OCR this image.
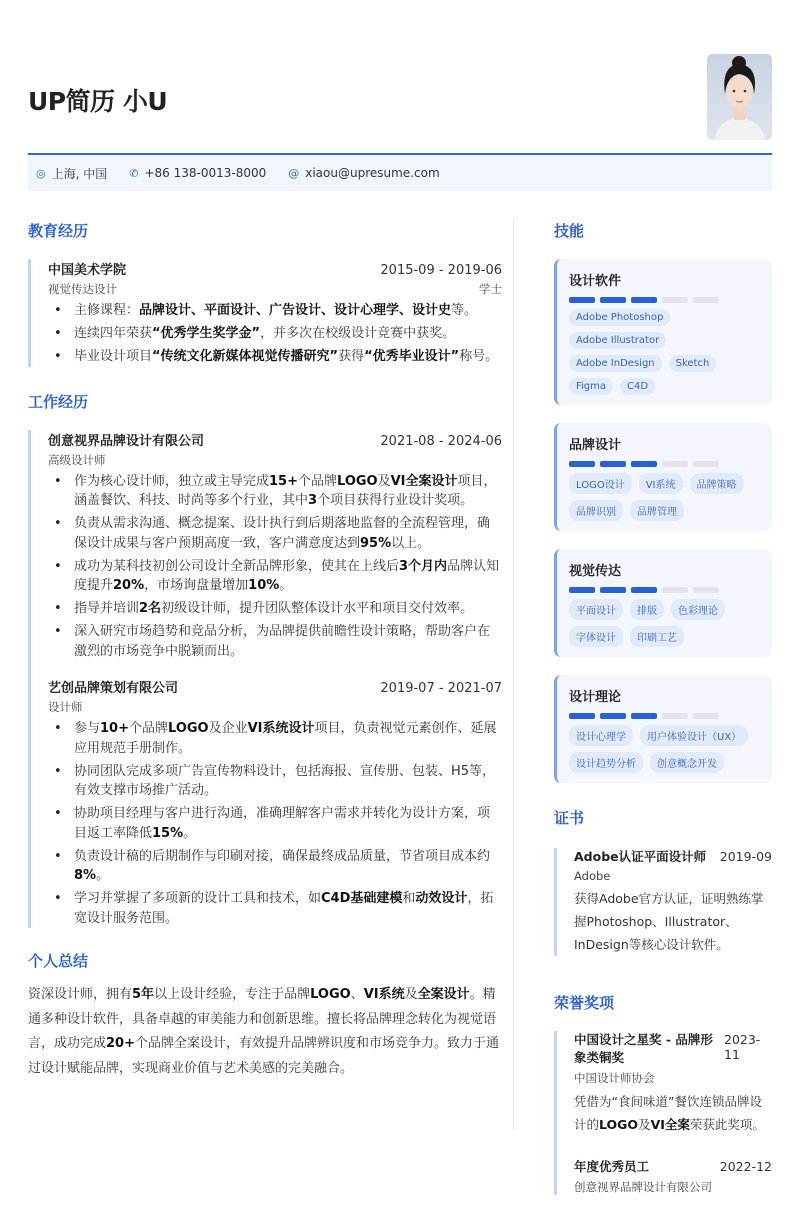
UP简历 小U
◎ 上海, 中国 ✆ +86 138-0013-8000 @ xiaou@upresume.com
教育经历
中国美术学院	2015-09 - 2019-06
视觉传达设计	学士
• 主修课程：品牌设计、平面设计、广告设计、设计心理学、设计史等。
• 连续四年荣获“优秀学生奖学金”，并多次在校级设计竞赛中获奖。
• 毕业设计项目“传统文化新媒体视觉传播研究”获得“优秀毕业设计”称号。
工作经历
创意视界品牌设计有限公司	2021-08 - 2024-06
高级设计师
• 作为核心设计师，独立或主导完成15+个品牌LOGO及VI全案设计项目，涵盖餐饮、科技、时尚等多个行业，其中3个项目获得行业设计奖项。
• 负责从需求沟通、概念提案、设计执行到后期落地监督的全流程管理，确保设计成果与客户预期高度一致，客户满意度达到95%以上。
• 成功为某科技初创公司设计全新品牌形象，使其在上线后3个月内品牌认知度提升20%，市场询盘量增加10%。
• 指导并培训2名初级设计师，提升团队整体设计水平和项目交付效率。
• 深入研究市场趋势和竞品分析，为品牌提供前瞻性设计策略，帮助客户在激烈的市场竞争中脱颖而出。
艺创品牌策划有限公司	2019-07 - 2021-07
设计师
• 参与10+个品牌LOGO及企业VI系统设计项目，负责视觉元素创作、延展应用规范手册制作。
• 协同团队完成多项广告宣传物料设计，包括海报、宣传册、包装、H5等，有效支撑市场推广活动。
• 协助项目经理与客户进行沟通，准确理解客户需求并转化为设计方案，项目返工率降低15%。
• 负责设计稿的后期制作与印刷对接，确保最终成品质量，节省项目成本约8%。
• 学习并掌握了多项新的设计工具和技术，如C4D基础建模和动效设计，拓宽设计服务范围。
个人总结
资深设计师，拥有5年以上设计经验，专注于品牌LOGO、VI系统及全案设计。精通多种设计软件，具备卓越的审美能力和创新思维。擅长将品牌理念转化为视觉语言，成功完成20+个品牌全案设计，有效提升品牌辨识度和市场竞争力。致力于通过设计赋能品牌，实现商业价值与艺术美感的完美融合。
技能
设计软件
Adobe Photoshop
Adobe Illustrator
Adobe InDesign	Sketch
Figma	C4D
品牌设计
LOGO设计	VI系统	品牌策略
品牌识别	品牌管理
视觉传达
平面设计	排版	色彩理论
字体设计	印刷工艺
设计理论
设计心理学	用户体验设计（UX）
设计趋势分析	创意概念开发
证书
Adobe认证平面设计师 2019-09
Adobe
获得Adobe官方认证，证明熟练掌握Photoshop、Illustrator、InDesign等核心设计软件。
荣誉奖项
中国设计之星奖 - 品牌形象类铜奖
2023-11
中国设计师协会
凭借为“食间味道”餐饮连锁品牌设计的LOGO及VI全案荣获此奖项。
年度优秀员工	2022-12
创意视界品牌设计有限公司
